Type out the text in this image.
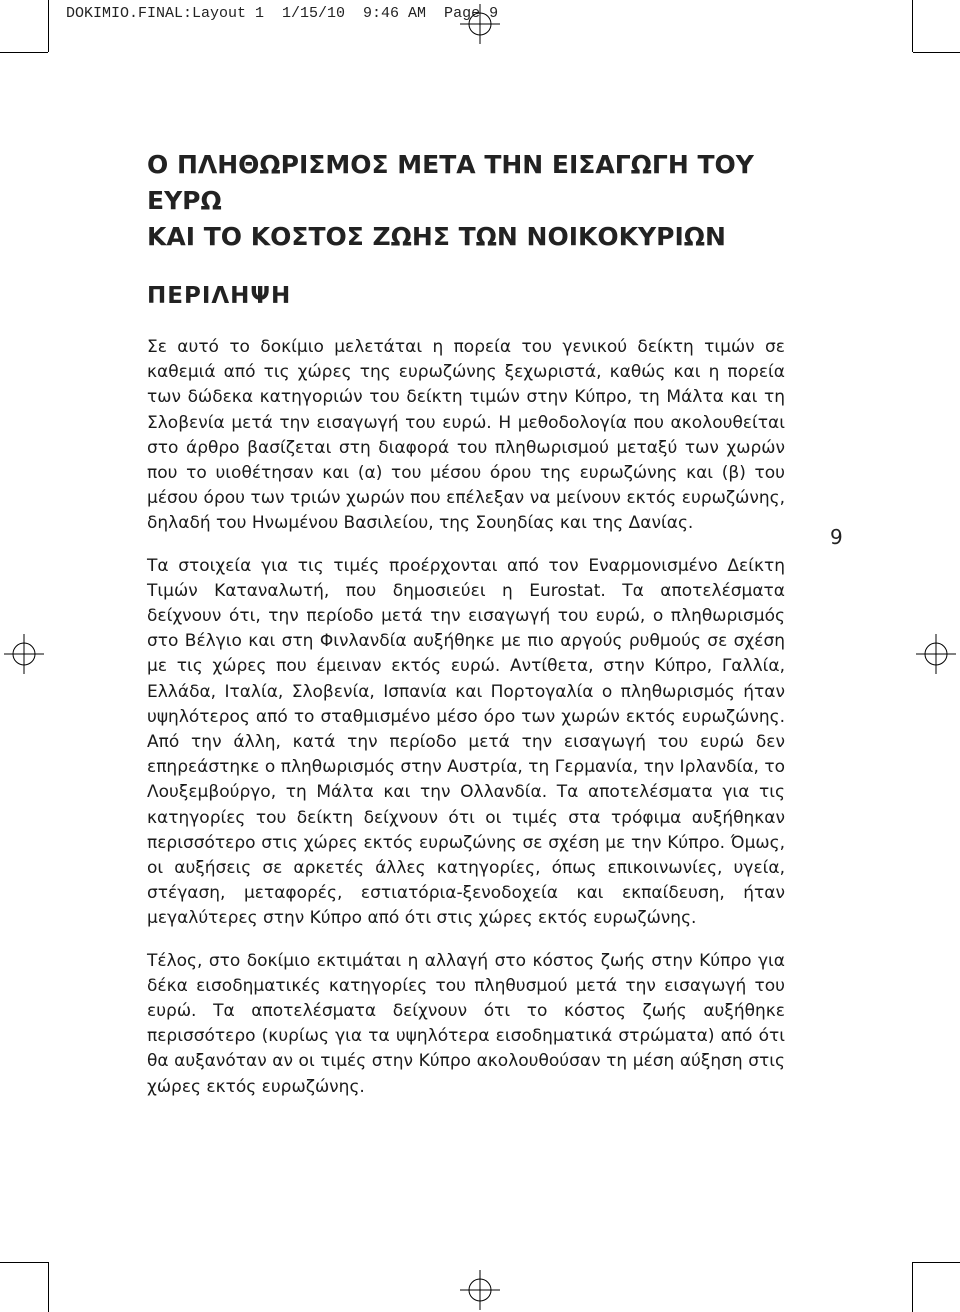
DOKIMIO.FINAL:Layout 1  1/15/10  9:46 AM  Page 9
Ο ΠΛΗΘΩΡΙΣΜΟΣ ΜΕΤΑ ΤΗΝ ΕΙΣΑΓΩΓΗ ΤΟΥ ΕΥΡΩ
ΚΑΙ ΤΟ ΚΟΣΤΟΣ ΖΩΗΣ ΤΩΝ ΝΟΙΚΟΚΥΡΙΩΝ
ΠΕΡΙΛΗΨΗ

Σε αυτό το δοκίμιο μελετάται η πορεία του γενικού δείκτη τιμών σε καθεμιά από τις χώρες της ευρωζώνης ξεχωριστά, καθώς και η πορεία των δώδεκα κατηγοριών του δείκτη τιμών στην Κύπρο, τη Μάλτα και τη Σλοβενία μετά την εισαγωγή του ευρώ. Η μεθοδολογία που ακολουθείται στο άρθρο βασίζεται στη διαφορά του πληθωρισμού μεταξύ των χωρών που το υιοθέτησαν και (α) του μέσου όρου της ευρωζώνης και (β) του μέσου όρου των τριών χωρών που επέλεξαν να μείνουν εκτός ευρωζώνης, δηλαδή του Ηνωμένου Βασιλείου, της Σουηδίας και της Δανίας.

Τα στοιχεία για τις τιμές προέρχονται από τον Εναρμονισμένο Δείκτη Τιμών Καταναλωτή, που δημοσιεύει η Eurostat. Τα αποτελέσματα δείχνουν ότι, την περίοδο μετά την εισαγωγή του ευρώ, ο πληθωρισμός στο Βέλγιο και στη Φινλανδία αυξήθηκε με πιο αργούς ρυθμούς σε σχέση με τις χώρες που έμειναν εκτός ευρώ. Αντίθετα, στην Κύπρο, Γαλλία, Ελλάδα, Ιταλία, Σλοβενία, Ισπανία και Πορτογαλία ο πληθωρισμός ήταν υψηλότερος από το σταθμισμένο μέσο όρο των χωρών εκτός ευρωζώνης. Από την άλλη, κατά την περίοδο μετά την εισαγωγή του ευρώ δεν επηρεάστηκε ο πληθωρισμός στην Αυστρία, τη Γερμανία, την Ιρλανδία, το Λουξεμβούργο, τη Μάλτα και την Ολλανδία. Τα αποτελέσματα για τις κατηγορίες του δείκτη δείχνουν ότι οι τιμές στα τρόφιμα αυξήθηκαν περισσότερο στις χώρες εκτός ευρωζώνης σε σχέση με την Κύπρο. Όμως, οι αυξήσεις σε αρκετές άλλες κατηγορίες, όπως επικοινωνίες, υγεία, στέγαση, μεταφορές, εστιατόρια-ξενοδοχεία και εκπαίδευση, ήταν μεγαλύτερες στην Κύπρο από ότι στις χώρες εκτός ευρωζώνης.

Τέλος, στο δοκίμιο εκτιμάται η αλλαγή στο κόστος ζωής στην Κύπρο για δέκα εισοδηματικές κατηγορίες του πληθυσμού μετά την εισαγωγή του ευρώ. Τα αποτελέσματα δείχνουν ότι το κόστος ζωής αυξήθηκε περισσότερο (κυρίως για τα υψηλότερα εισοδηματικά στρώματα) από ότι θα αυξανόταν αν οι τιμές στην Κύπρο ακολουθούσαν τη μέση αύξηση στις χώρες εκτός ευρωζώνης.

9
